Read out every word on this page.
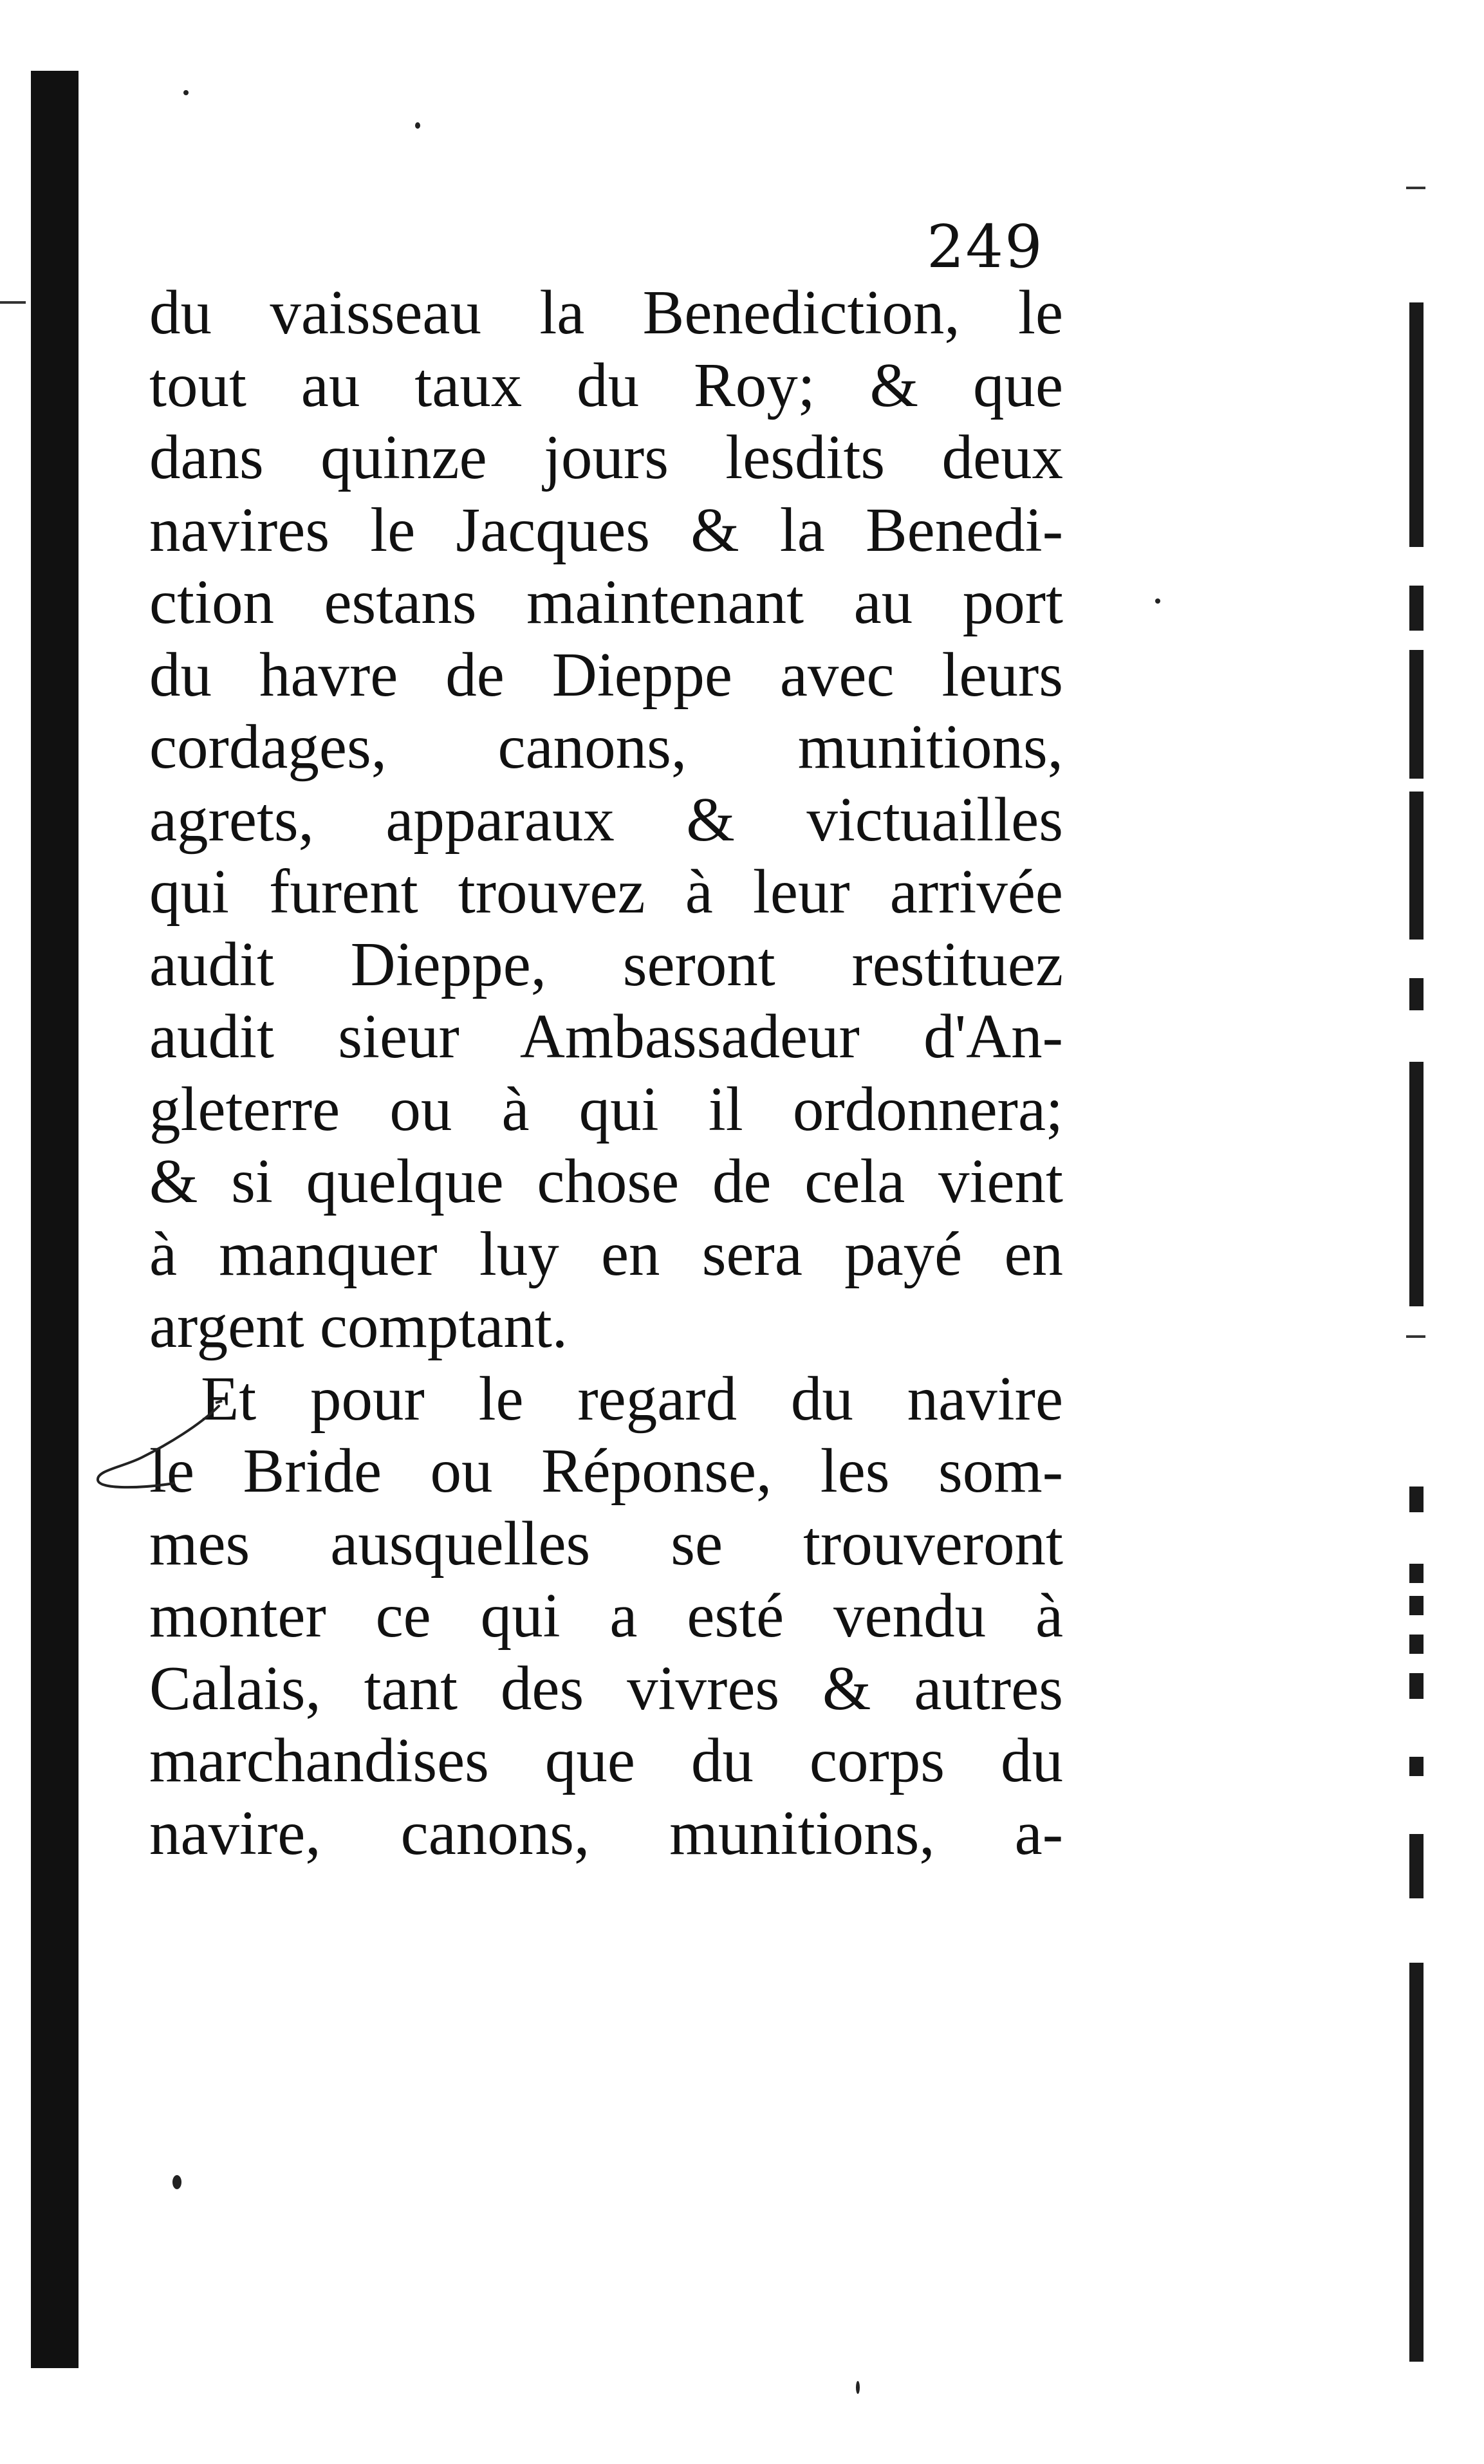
249
du vaisseau la Benediction, le
tout au taux du Roy; & que
dans quinze jours lesdits deux
navires le Jacques & la Benedi-
ction estans maintenant au port
du havre de Dieppe avec leurs
cordages, canons, munitions,
agrets, apparaux & victuailles
qui furent trouvez à leur arrivée
audit Dieppe, seront restituez
audit sieur Ambassadeur d'An-
gleterre ou à qui il ordonnera;
& si quelque chose de cela vient
à manquer luy en sera payé en
argent comptant.
Et pour le regard du navire
le Bride ou Réponse, les som-
mes ausquelles se trouveront
monter ce qui a esté vendu à
Calais, tant des vivres & autres
marchandises que du corps du
navire, canons, munitions, a-
